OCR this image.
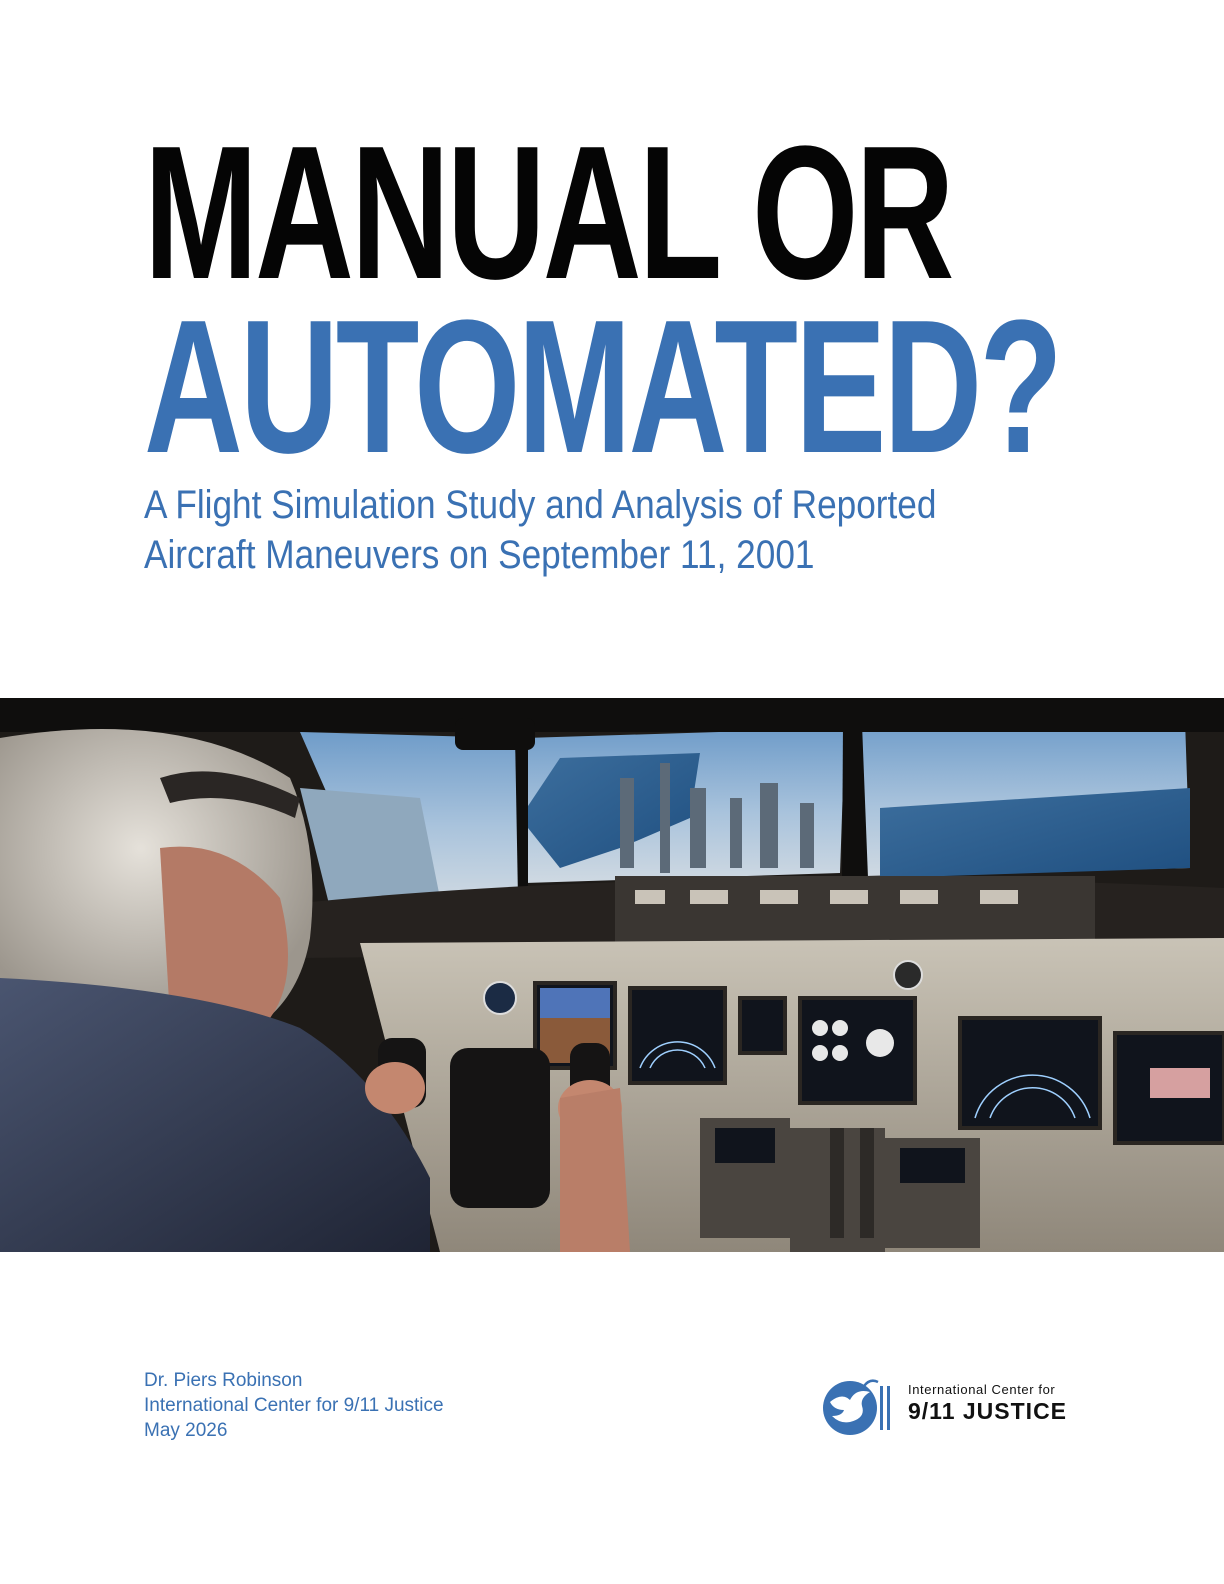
MANUAL OR
AUTOMATED?
A Flight Simulation Study and Analysis of Reported
Aircraft Maneuvers on September 11, 2001
Dr. Piers Robinson
International Center for 9/11 Justice
May 2026
International Center for
9/11 JUSTICE
